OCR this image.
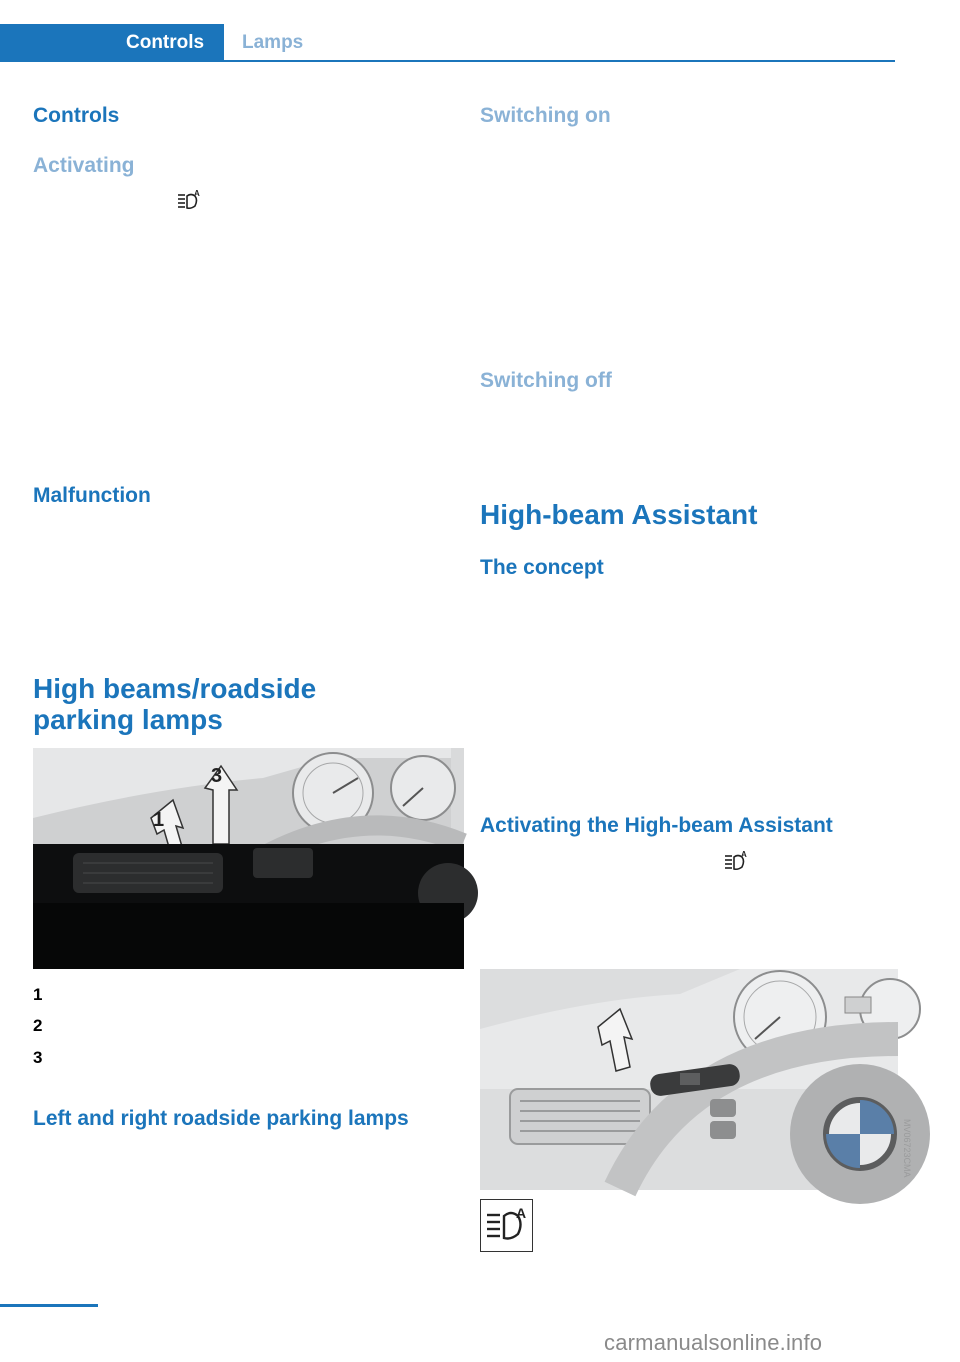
Controls	Lamps
Controls
Activating
A
Malfunction
High beams/roadside
parking lamps
1
3
1
2
3
Left and right roadside parking lamps
Switching on
Switching off
High-beam Assistant
The concept
Activating the High-beam Assistant
A
MV06723CMA
A
carmanualsonline.info
